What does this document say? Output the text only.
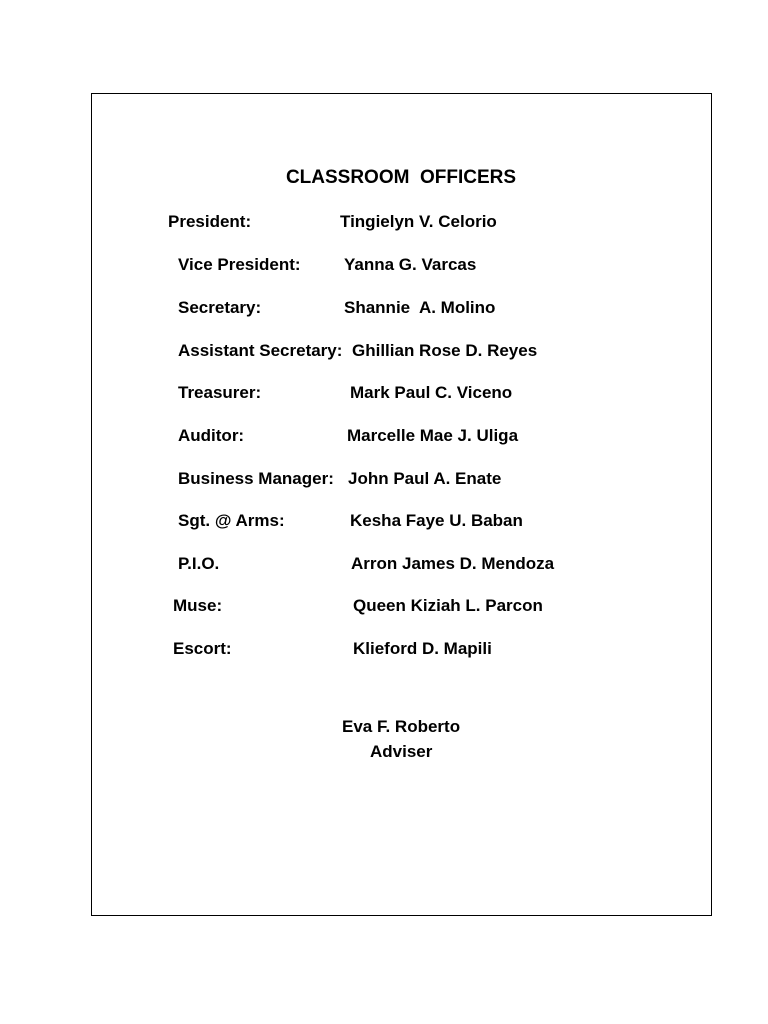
CLASSROOM  OFFICERS
President:	Tingielyn V. Celorio
Vice President:	Yanna G. Varcas
Secretary:	Shannie  A. Molino
Assistant Secretary: Ghillian Rose D. Reyes
Treasurer:	Mark Paul C. Viceno
Auditor:	Marcelle Mae J. Uliga
Business Manager: John Paul A. Enate
Sgt. @ Arms:	Kesha Faye U. Baban
P.I.O.	Arron James D. Mendoza
Muse:	Queen Kiziah L. Parcon
Escort:	Klieford D. Mapili
Eva F. Roberto
Adviser
